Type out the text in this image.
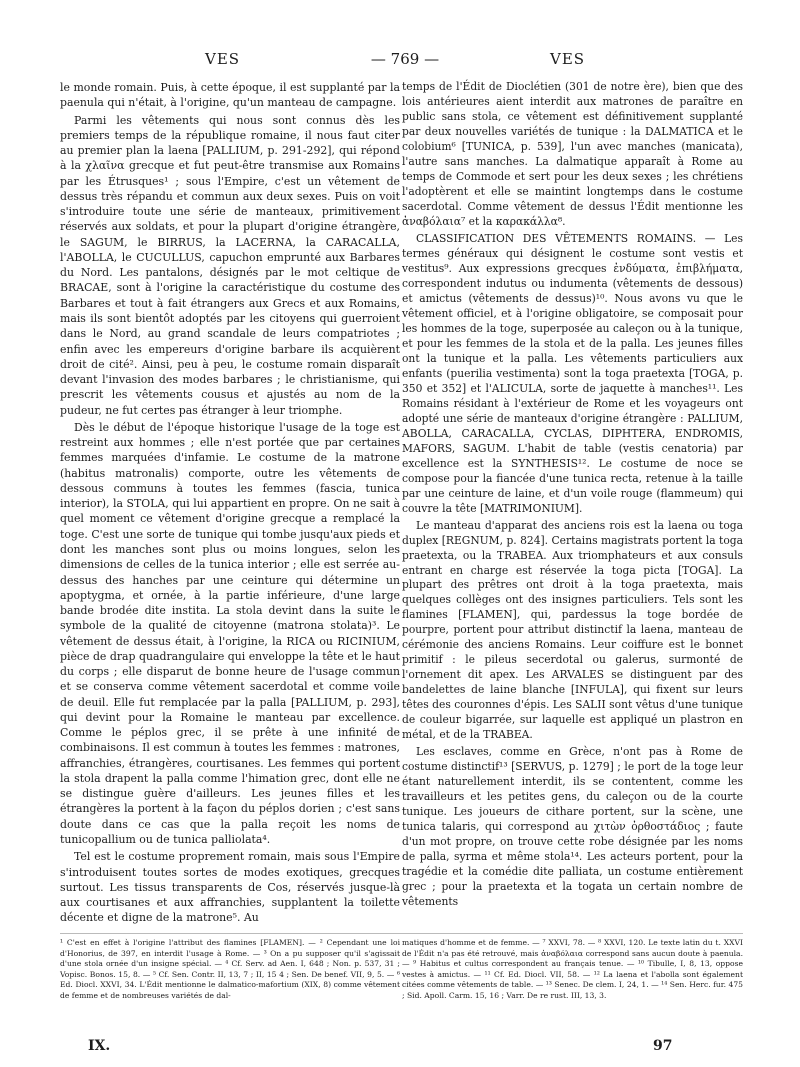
VES	— 769 —	VES

le monde romain. Puis, à cette époque, il est supplanté par la paenula qui n'était, à l'origine, qu'un manteau de campagne.

Parmi les vêtements qui nous sont connus dès les premiers temps de la république romaine, il nous faut citer au premier plan la laena [PALLIUM, p. 291-292], qui répond à la χλαῖνα grecque et fut peut-être transmise aux Romains par les Étrusques¹ ; sous l'Empire, c'est un vêtement de dessus très répandu et commun aux deux sexes. Puis on voit s'introduire toute une série de manteaux, primitivement réservés aux soldats, et pour la plupart d'origine étrangère, le SAGUM, le BIRRUS, la LACERNA, la CARACALLA, l'ABOLLA, le CUCULLUS, capuchon emprunté aux Barbares du Nord. Les pantalons, désignés par le mot celtique de BRACAE, sont à l'origine la caractéristique du costume des Barbares et tout à fait étrangers aux Grecs et aux Romains, mais ils sont bientôt adoptés par les citoyens qui guerroient dans le Nord, au grand scandale de leurs compatriotes ; enfin avec les empereurs d'origine barbare ils acquièrent droit de cité². Ainsi, peu à peu, le costume romain disparaît devant l'invasion des modes barbares ; le christianisme, qui prescrit les vêtements cousus et ajustés au nom de la pudeur, ne fut certes pas étranger à leur triomphe.

Dès le début de l'époque historique l'usage de la toge est restreint aux hommes ; elle n'est portée que par certaines femmes marquées d'infamie. Le costume de la matrone (habitus matronalis) comporte, outre les vêtements de dessous communs à toutes les femmes (fascia, tunica interior), la STOLA, qui lui appartient en propre. On ne sait à quel moment ce vêtement d'origine grecque a remplacé la toge. C'est une sorte de tunique qui tombe jusqu'aux pieds et dont les manches sont plus ou moins longues, selon les dimensions de celles de la tunica interior ; elle est serrée au-dessus des hanches par une ceinture qui détermine un apoptygma, et ornée, à la partie inférieure, d'une large bande brodée dite instita. La stola devint dans la suite le symbole de la qualité de citoyenne (matrona stolata)³. Le vêtement de dessus était, à l'origine, la RICA ou RICINIUM, pièce de drap quadrangulaire qui enveloppe la tête et le haut du corps ; elle disparut de bonne heure de l'usage commun et se conserva comme vêtement sacerdotal et comme voile de deuil. Elle fut remplacée par la palla [PALLIUM, p. 293], qui devint pour la Romaine le manteau par excellence. Comme le péplos grec, il se prête à une infinité de combinaisons. Il est commun à toutes les femmes : matrones, affranchies, étrangères, courtisanes. Les femmes qui portent la stola drapent la palla comme l'himation grec, dont elle ne se distingue guère d'ailleurs. Les jeunes filles et les étrangères la portent à la façon du péplos dorien ; c'est sans doute dans ce cas que la palla reçoit les noms de tunicopallium ou de tunica palliolata⁴.

Tel est le costume proprement romain, mais sous l'Empire s'introduisent toutes sortes de modes exotiques, grecques surtout. Les tissus transparents de Cos, réservés jusque-là aux courtisanes et aux affranchies, supplantent la toilette décente et digne de la matrone⁵. Au

temps de l'Édit de Dioclétien (301 de notre ère), bien que des lois antérieures aient interdit aux matrones de paraître en public sans stola, ce vêtement est définitivement supplanté par deux nouvelles variétés de tunique : la DALMATICA et le colobium⁶ [TUNICA, p. 539], l'un avec manches (manicata), l'autre sans manches. La dalmatique apparaît à Rome au temps de Commode et sert pour les deux sexes ; les chrétiens l'adoptèrent et elle se maintint longtemps dans le costume sacerdotal. Comme vêtement de dessus l'Édit mentionne les ἀναβόλαια⁷ et la καρακάλλα⁸.

CLASSIFICATION DES VÊTEMENTS ROMAINS. — Les termes généraux qui désignent le costume sont vestis et vestitus⁹. Aux expressions grecques ἐνδύματα, ἐπιβλήματα, correspondent indutus ou indumenta (vêtements de dessous) et amictus (vêtements de dessus)¹⁰. Nous avons vu que le vêtement officiel, et à l'origine obligatoire, se composait pour les hommes de la toge, superposée au caleçon ou à la tunique, et pour les femmes de la stola et de la palla. Les jeunes filles ont la tunique et la palla. Les vêtements particuliers aux enfants (puerilia vestimenta) sont la toga praetexta [TOGA, p. 350 et 352] et l'ALICULA, sorte de jaquette à manches¹¹. Les Romains résidant à l'extérieur de Rome et les voyageurs ont adopté une série de manteaux d'origine étrangère : PALLIUM, ABOLLA, CARACALLA, CYCLAS, DIPHTERA, ENDROMIS, MAFORS, SAGUM. L'habit de table (vestis cenatoria) par excellence est la SYNTHESIS¹². Le costume de noce se compose pour la fiancée d'une tunica recta, retenue à la taille par une ceinture de laine, et d'un voile rouge (flammeum) qui couvre la tête [MATRIMONIUM].

Le manteau d'apparat des anciens rois est la laena ou toga duplex [REGNUM, p. 824]. Certains magistrats portent la toga praetexta, ou la TRABEA. Aux triomphateurs et aux consuls entrant en charge est réservée la toga picta [TOGA]. La plupart des prêtres ont droit à la toga praetexta, mais quelques collèges ont des insignes particuliers. Tels sont les flamines [FLAMEN], qui, pardessus la toge bordée de pourpre, portent pour attribut distinctif la laena, manteau de cérémonie des anciens Romains. Leur coiffure est le bonnet primitif : le pileus secerdotal ou galerus, surmonté de l'ornement dit apex. Les ARVALES se distinguent par des bandelettes de laine blanche [INFULA], qui fixent sur leurs têtes des couronnes d'épis. Les SALII sont vêtus d'une tunique de couleur bigarrée, sur laquelle est appliqué un plastron en métal, et de la TRABEA.

Les esclaves, comme en Grèce, n'ont pas à Rome de costume distinctif¹³ [SERVUS, p. 1279] ; le port de la toge leur étant naturellement interdit, ils se contentent, comme les travailleurs et les petites gens, du caleçon ou de la courte tunique. Les joueurs de cithare portent, sur la scène, une tunica talaris, qui correspond au χιτὼν ὀρθοστάδιος ; faute d'un mot propre, on trouve cette robe désignée par les noms de palla, syrma et même stola¹⁴. Les acteurs portent, pour la tragédie et la comédie dite palliata, un costume entièrement grec ; pour la praetexta et la togata un certain nombre de vêtements

¹ C'est en effet à l'origine l'attribut des flamines [FLAMEN]. — ² Cependant une loi d'Honorius, de 397, en interdit l'usage à Rome. — ³ On a pu supposer qu'il s'agissait d'une stola ornée d'un insigne spécial. — ⁴ Cf. Serv. ad Aen. I, 648 ; Non. p. 537, 31 ; Vopisc. Bonos. 15, 8. — ⁵ Cf. Sen. Contr. II, 13, 7 ; II, 15 4 ; Sen. De benef. VII, 9, 5. — ⁶ Ed. Diocl. XXVI, 34. L'Édit mentionne le dalmatico-mafortium (XIX, 8) comme vêtement de femme et de nombreuses variétés de dal-
matiques d'homme et de femme. — ⁷ XXVI, 78. — ⁸ XXVI, 120. Le texte latin du t. XXVI de l'Édit n'a pas été retrouvé, mais ἀναβόλαια correspond sans aucun doute à paenula. — ⁹ Habitus et cultus correspondent au français tenue. — ¹⁰ Tibulle, I, 8, 13, oppose vestes à amictus. — ¹¹ Cf. Ed. Diocl. VII, 58. — ¹² La laena et l'abolla sont également citées comme vêtements de table. — ¹³ Senec. De clem. I, 24, 1. — ¹⁴ Sen. Herc. fur. 475 ; Sid. Apoll. Carm. 15, 16 ; Varr. De re rust. III, 13, 3.
IX.	97
